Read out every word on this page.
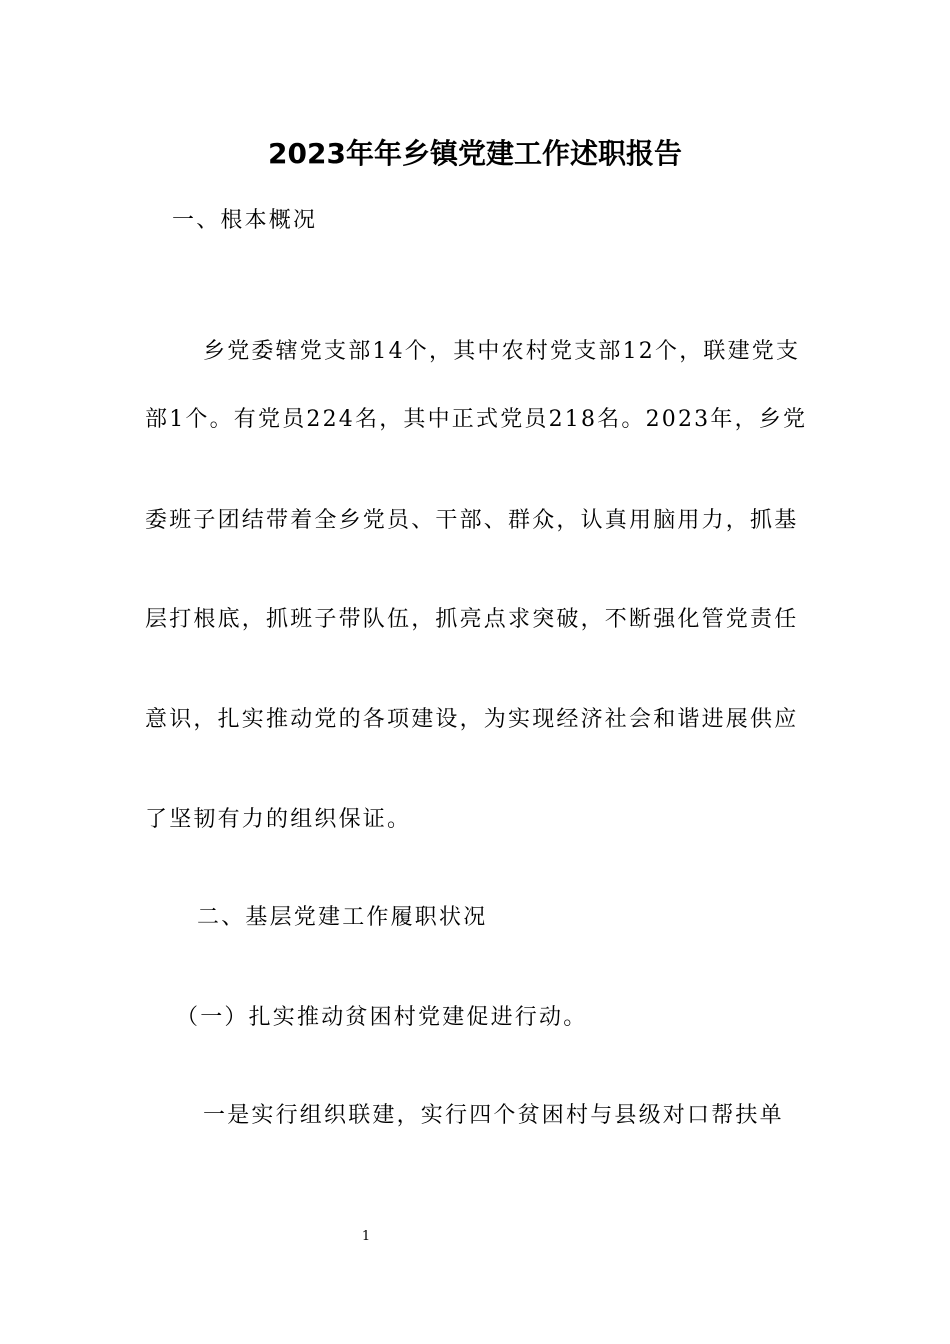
2023年年乡镇党建工作述职报告
一、根本概况
乡党委辖党支部14个，其中农村党支部12个，联建党支
部1个。有党员224名，其中正式党员218名。2023年，乡党
委班子团结带着全乡党员、干部、群众，认真用脑用力，抓基
层打根底，抓班子带队伍，抓亮点求突破，不断强化管党责任
意识，扎实推动党的各项建设，为实现经济社会和谐进展供应
了坚韧有力的组织保证。
二、基层党建工作履职状况
（一）扎实推动贫困村党建促进行动。
一是实行组织联建，实行四个贫困村与县级对口帮扶单
1
